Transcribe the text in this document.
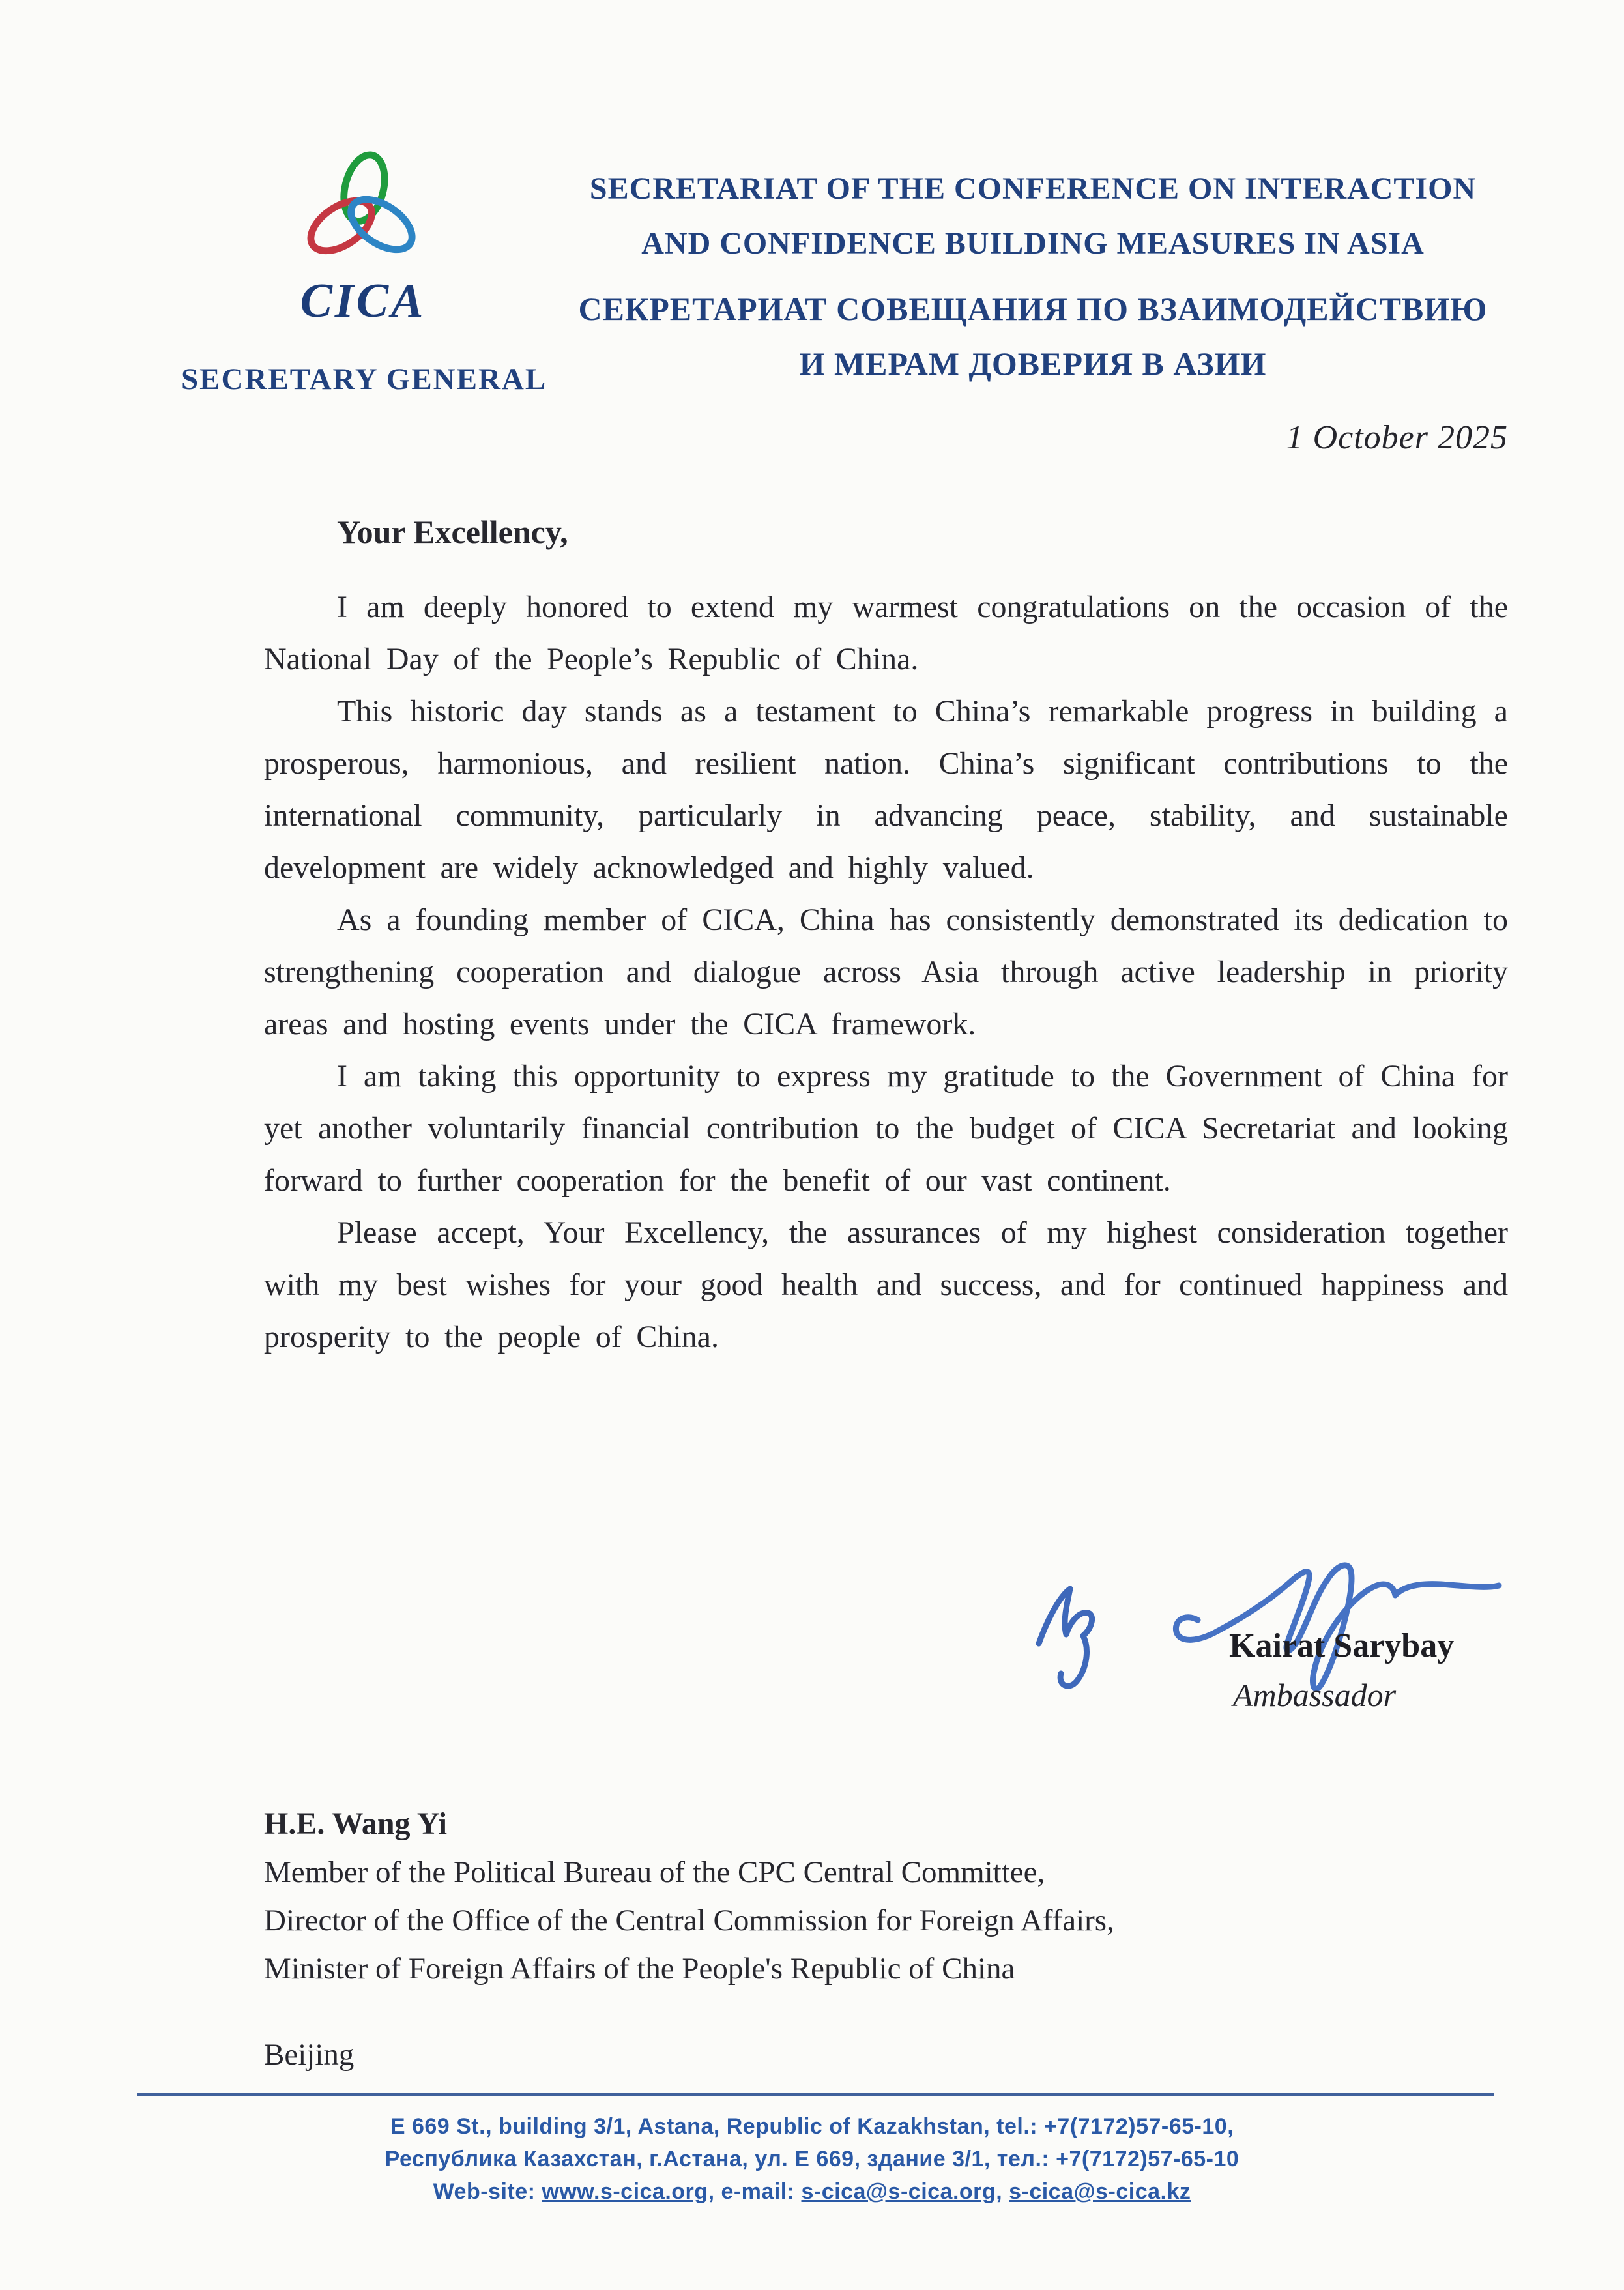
CICA
SECRETARY GENERAL
SECRETARIAT OF THE CONFERENCE ON INTERACTION
AND CONFIDENCE BUILDING MEASURES IN ASIA
СЕКРЕТАРИАТ СОВЕЩАНИЯ ПО ВЗАИМОДЕЙСТВИЮ
И МЕРАМ ДОВЕРИЯ В АЗИИ
1 October 2025

Your Excellency,

I am deeply honored to extend my warmest congratulations on the occasion of the National Day of the People’s Republic of China.

This historic day stands as a testament to China’s remarkable progress in building a prosperous, harmonious, and resilient nation. China’s significant contributions to the international community, particularly in advancing peace, stability, and sustainable development are widely acknowledged and highly valued.

As a founding member of CICA, China has consistently demonstrated its dedication to strengthening cooperation and dialogue across Asia through active leadership in priority areas and hosting events under the CICA framework.

I am taking this opportunity to express my gratitude to the Government of China for yet another voluntarily financial contribution to the budget of CICA Secretariat and looking forward to further cooperation for the benefit of our vast continent.

Please accept, Your Excellency, the assurances of my highest consideration together with my best wishes for your good health and success, and for continued happiness and prosperity to the people of China.

Kairat Sarybay
Ambassador
H.E. Wang Yi
Member of the Political Bureau of the CPC Central Committee,
Director of the Office of the Central Commission for Foreign Affairs,
Minister of Foreign Affairs of the People's Republic of China
Beijing
E 669 St., building 3/1, Astana, Republic of Kazakhstan, tel.: +7(7172)57-65-10,
Республика Казахстан, г.Астана, ул. Е 669, здание 3/1, тел.: +7(7172)57-65-10
Web-site: www.s-cica.org, e-mail: s-cica@s-cica.org, s-cica@s-cica.kz
